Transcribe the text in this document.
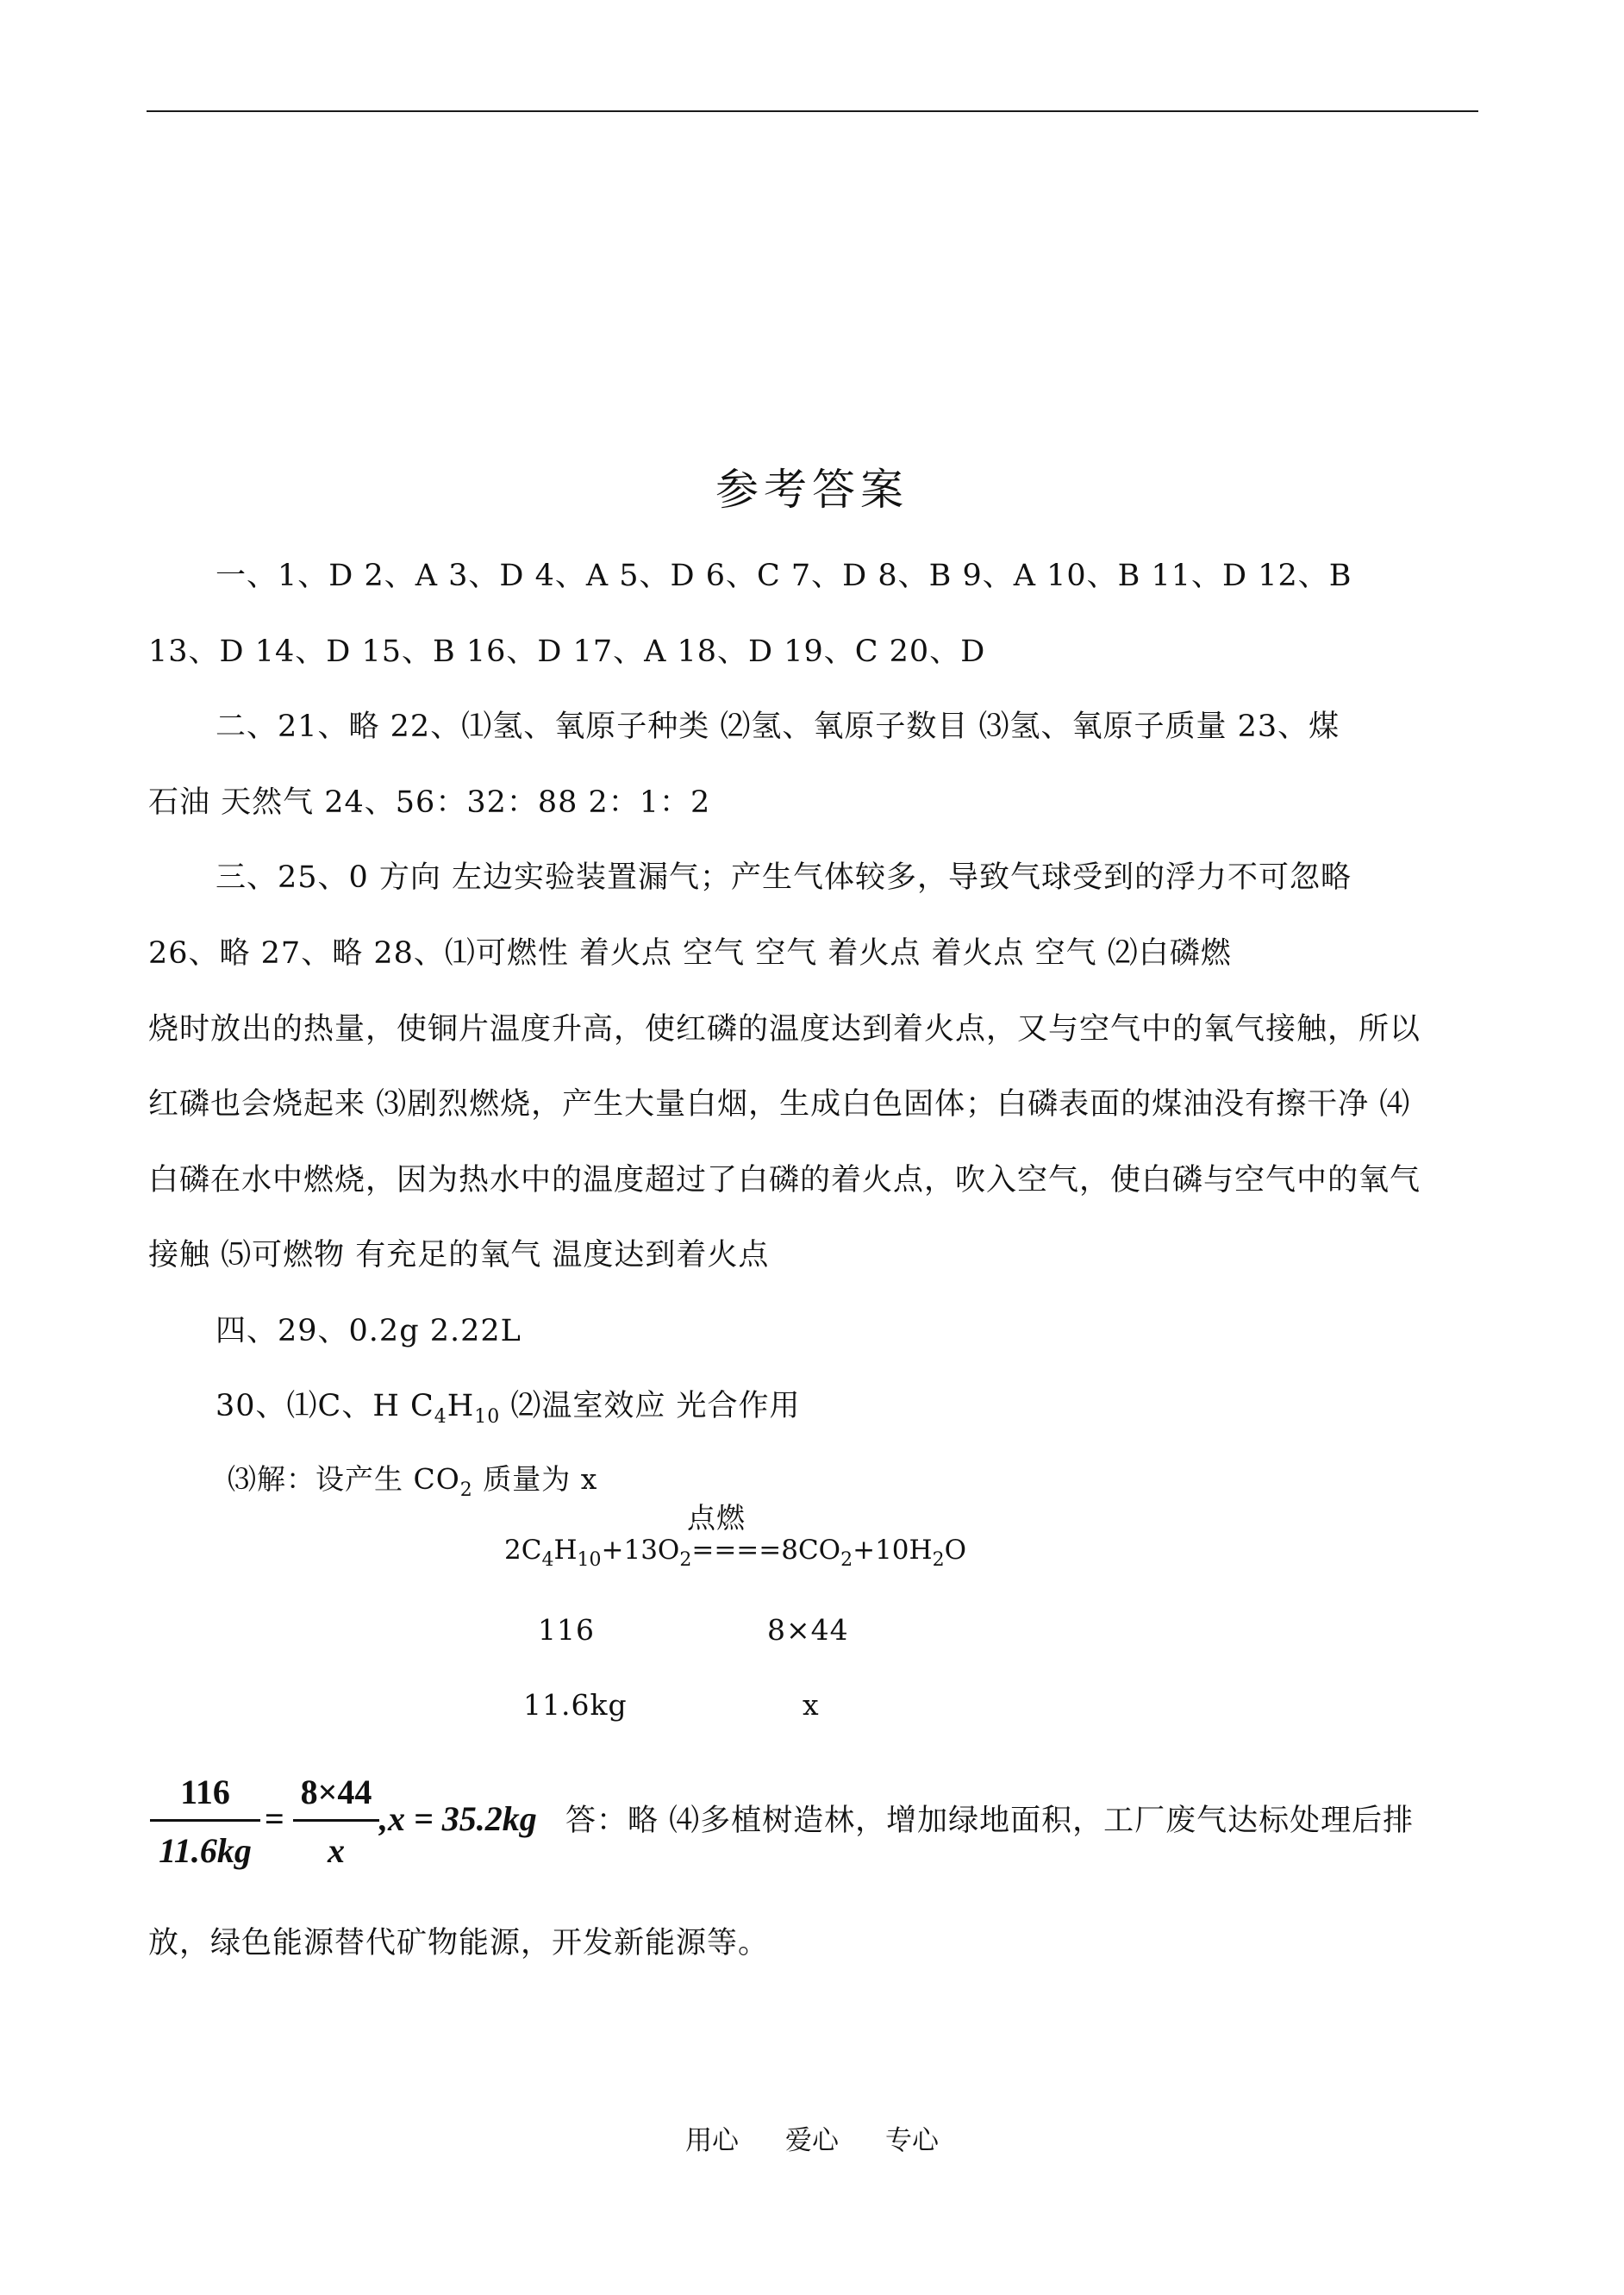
参考答案
一、1、D 2、A 3、D 4、A 5、D 6、C 7、D 8、B 9、A 10、B 11、D 12、B
13、D 14、D 15、B 16、D 17、A 18、D 19、C 20、D
二、21、略 22、⑴氢、氧原子种类 ⑵氢、氧原子数目 ⑶氢、氧原子质量 23、煤
石油 天然气 24、56：32：88 2：1：2
三、25、0 方向 左边实验装置漏气；产生气体较多，导致气球受到的浮力不可忽略
26、略 27、略 28、⑴可燃性 着火点 空气 空气 着火点 着火点 空气 ⑵白磷燃
烧时放出的热量，使铜片温度升高，使红磷的温度达到着火点，又与空气中的氧气接触，所以
红磷也会烧起来 ⑶剧烈燃烧，产生大量白烟，生成白色固体；白磷表面的煤油没有擦干净 ⑷
白磷在水中燃烧，因为热水中的温度超过了白磷的着火点，吹入空气，使白磷与空气中的氧气
接触 ⑸可燃物 有充足的氧气 温度达到着火点
四、29、0.2g 2.22L
30、⑴C、H $C_4H_{10}$ ⑵温室效应 光合作用
⑶解：设产生 $CO_2$ 质量为 x
点燃
$2C_4H_{10}+13O_2====8CO_2+10H_2O$
116	8×44
11.6kg	x
116
11.6kg
=
8×44
x
,x = 35.2kg 答：略 ⑷多植树造林，增加绿地面积，工厂废气达标处理后排
放，绿色能源替代矿物能源，开发新能源等。
用心 爱心 专心
